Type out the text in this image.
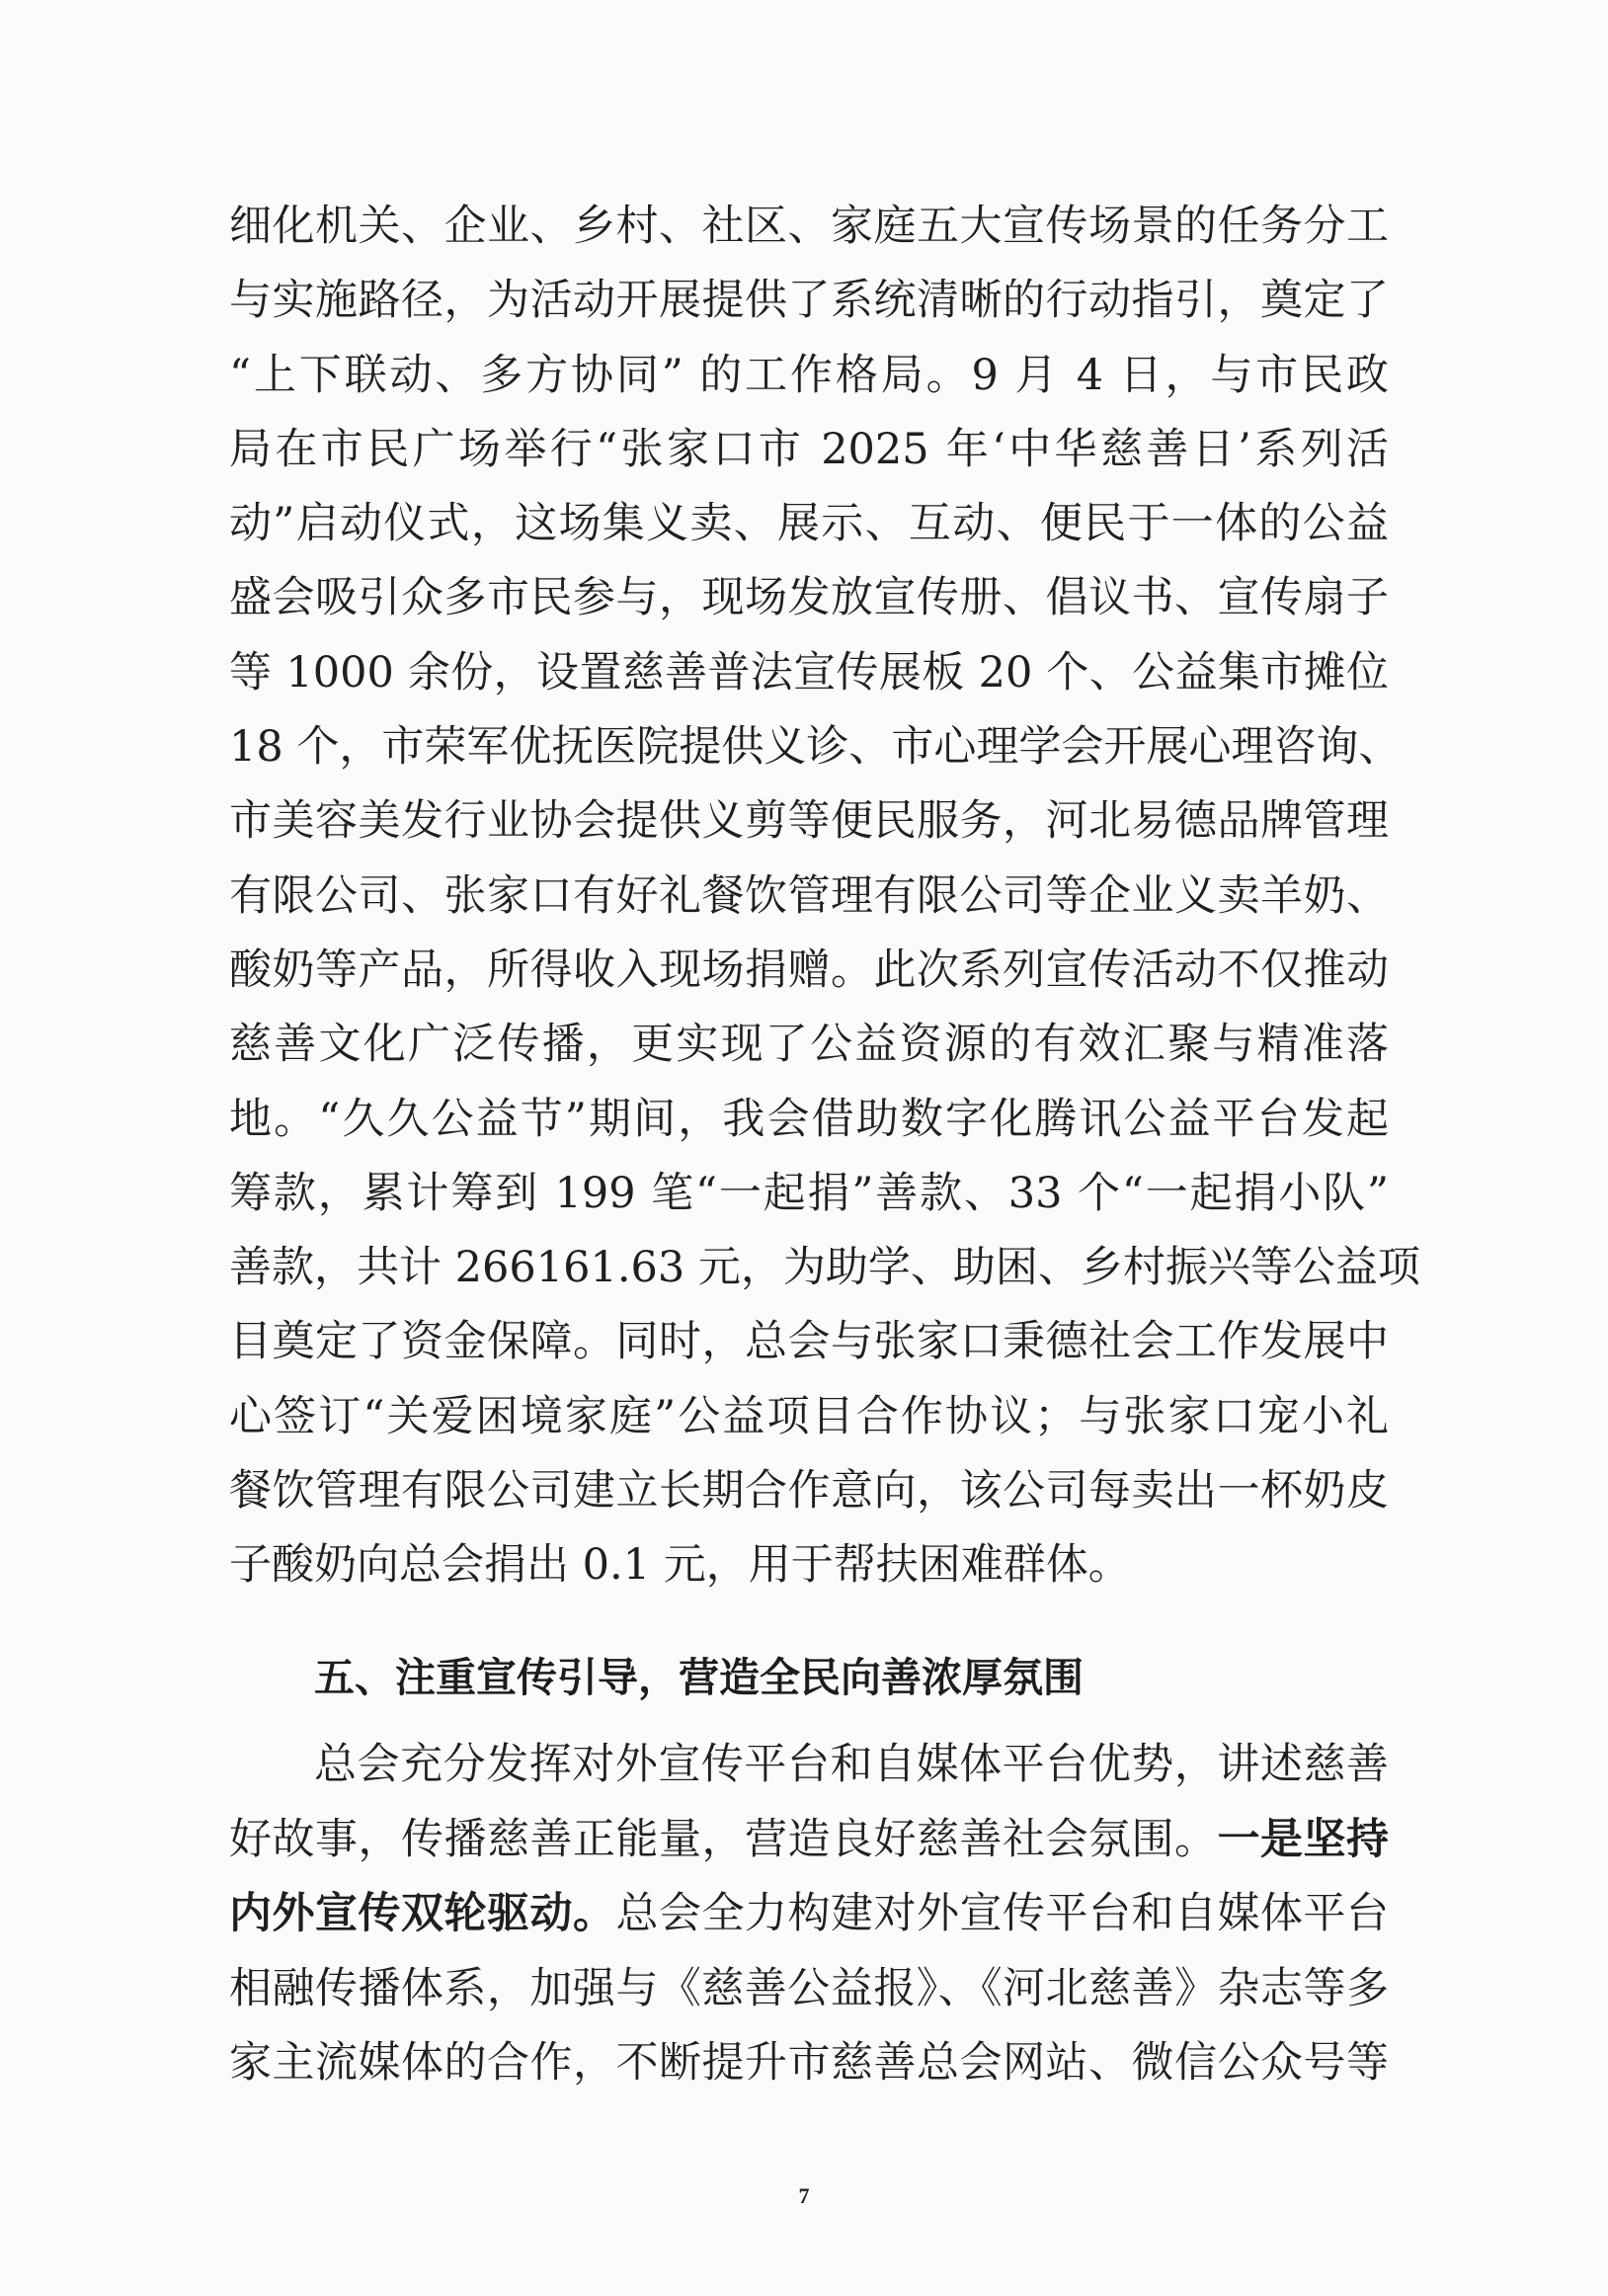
细化机关、企业、乡村、社区、家庭五大宣传场景的任务分工
与实施路径，为活动开展提供了系统清晰的行动指引，奠定了
“上下联动、多方协同” 的工作格局。9 月 4 日，与市民政
局在市民广场举行“张家口市 2025 年‘中华慈善日’系列活
动”启动仪式，这场集义卖、展示、互动、便民于一体的公益
盛会吸引众多市民参与，现场发放宣传册、倡议书、宣传扇子
等 1000 余份，设置慈善普法宣传展板 20 个、公益集市摊位
18 个，市荣军优抚医院提供义诊、市心理学会开展心理咨询、
市美容美发行业协会提供义剪等便民服务，河北易德品牌管理
有限公司、张家口有好礼餐饮管理有限公司等企业义卖羊奶、
酸奶等产品，所得收入现场捐赠。此次系列宣传活动不仅推动
慈善文化广泛传播，更实现了公益资源的有效汇聚与精准落
地。“久久公益节”期间，我会借助数字化腾讯公益平台发起
筹款，累计筹到 199 笔“一起捐”善款、33 个“一起捐小队”
善款，共计 266161.63 元，为助学、助困、乡村振兴等公益项
目奠定了资金保障。同时，总会与张家口秉德社会工作发展中
心签订“关爱困境家庭”公益项目合作协议；与张家口宠小礼
餐饮管理有限公司建立长期合作意向，该公司每卖出一杯奶皮
子酸奶向总会捐出 0.1 元，用于帮扶困难群体。
五、注重宣传引导，营造全民向善浓厚氛围
总会充分发挥对外宣传平台和自媒体平台优势，讲述慈善
好故事，传播慈善正能量，营造良好慈善社会氛围。一是坚持
内外宣传双轮驱动。总会全力构建对外宣传平台和自媒体平台
相融传播体系，加强与《慈善公益报》、《河北慈善》杂志等多
家主流媒体的合作，不断提升市慈善总会网站、微信公众号等
7
